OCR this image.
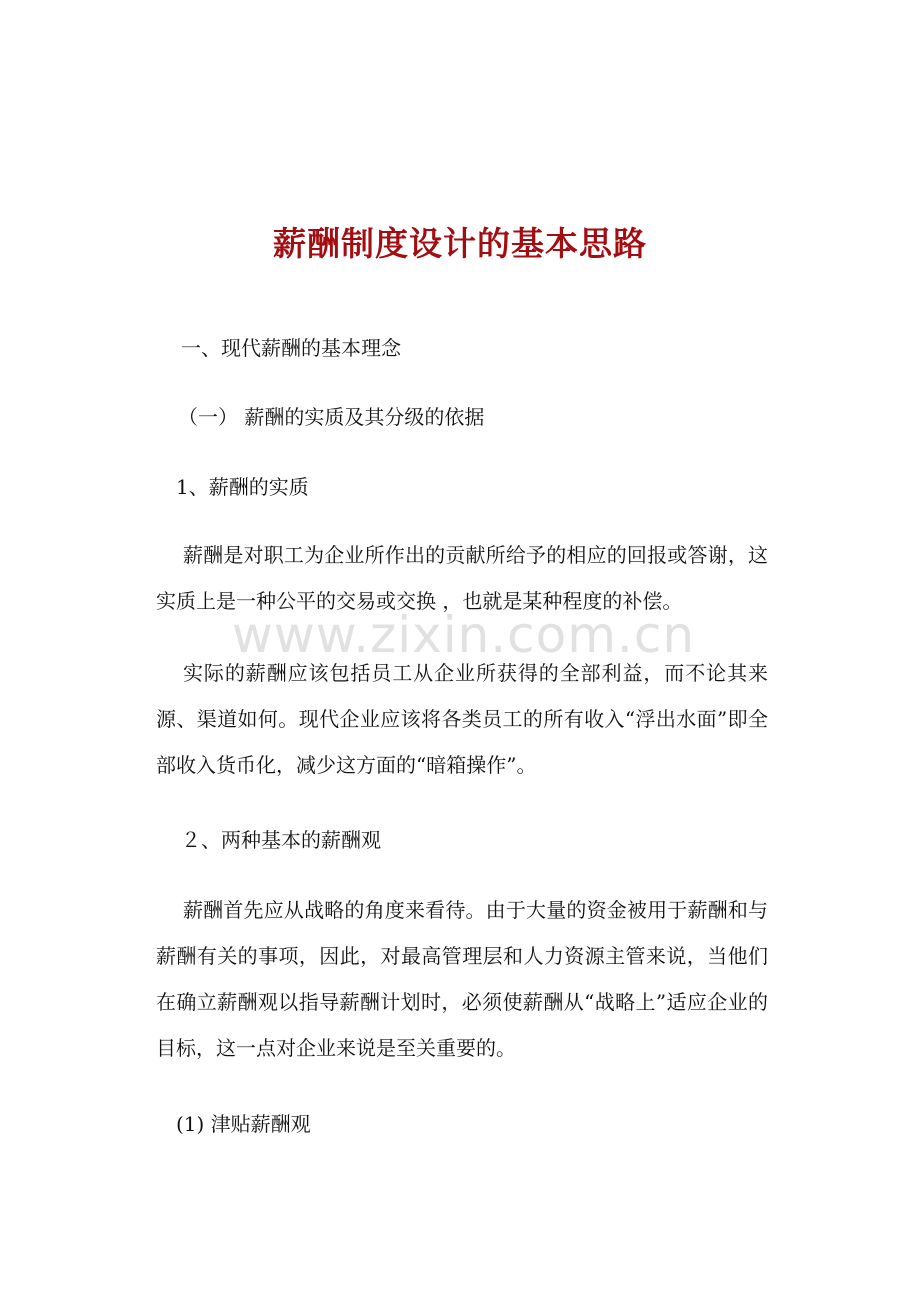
薪酬制度设计的基本思路
一、现代薪酬的基本理念
（一） 薪酬的实质及其分级的依据
1、薪酬的实质
薪酬是对职工为企业所作出的贡献所给予的相应的回报或答谢，这实质上是一种公平的交易或交换 ，也就是某种程度的补偿。
实际的薪酬应该包括员工从企业所获得的全部利益，而不论其来源、渠道如何。现代企业应该将各类员工的所有收入“浮出水面”即全部收入货币化，减少这方面的“暗箱操作”。
２、两种基本的薪酬观
薪酬首先应从战略的角度来看待。由于大量的资金被用于薪酬和与薪酬有关的事项，因此，对最高管理层和人力资源主管来说，当他们在确立薪酬观以指导薪酬计划时，必须使薪酬从“战略上”适应企业的目标，这一点对企业来说是至关重要的。
(1) 津贴薪酬观
www.zixin.com.cn
